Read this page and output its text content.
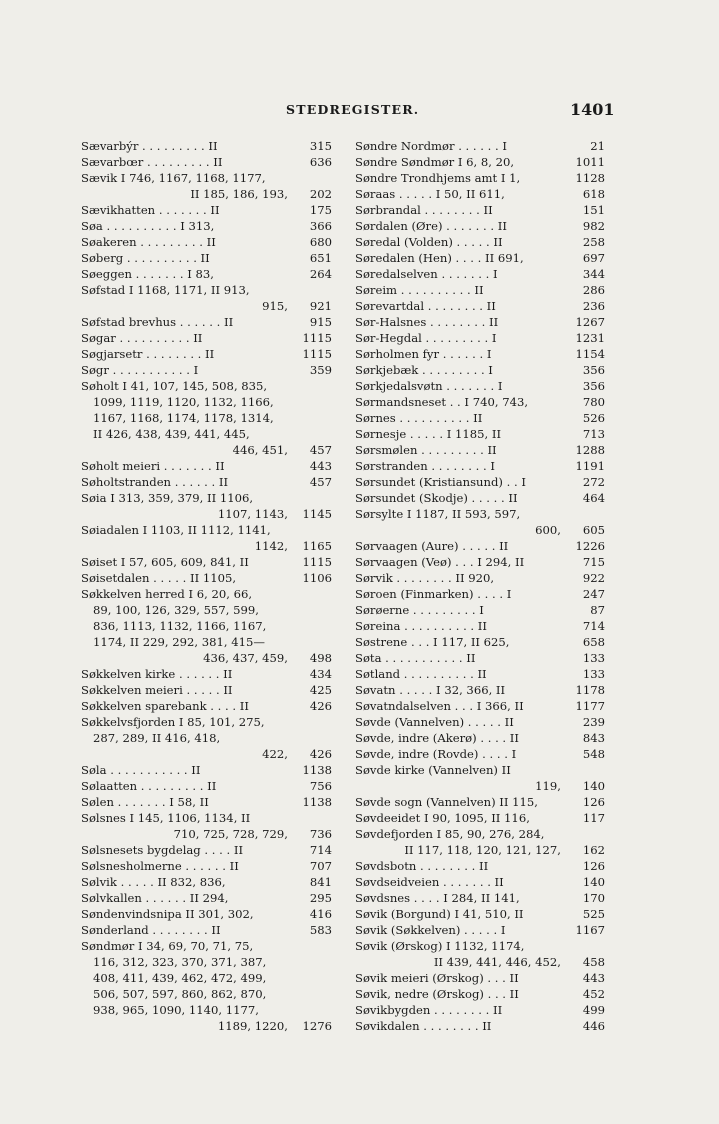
STEDREGISTER.	1401
Sævarbýr . . . . . . . . . II	315
Sævarbœr . . . . . . . . . II	636
Sævik I 746, 1167, 1168, 1177,
II 185, 186, 193,	202
Sævikhatten . . . . . . . II	175
Søa . . . . . . . . . . I 313,	366
Søakeren . . . . . . . . . II	680
Søberg . . . . . . . . . . II	651
Søeggen . . . . . . . I 83,	264
Søfstad I 1168, 1171, II 913,
915,	921
Søfstad brevhus . . . . . . II	915
Søgar . . . . . . . . . . II	1115
Søgjarsetr . . . . . . . . II	1115
Søgr . . . . . . . . . . . I	359
Søholt I 41, 107, 145, 508, 835,
1099, 1119, 1120, 1132, 1166,
1167, 1168, 1174, 1178, 1314,
II 426, 438, 439, 441, 445,
446, 451,	457
Søholt meieri . . . . . . . II	443
Søholtstranden . . . . . . II	457
Søia I 313, 359, 379, II 1106,
1107, 1143,	1145
Søiadalen I 1103, II 1112, 1141,
1142,	1165
Søiset I 57, 605, 609, 841, II	1115
Søisetdalen . . . . . II 1105,	1106
Søkkelven herred I 6, 20, 66,
89, 100, 126, 329, 557, 599,
836, 1113, 1132, 1166, 1167,
1174, II 229, 292, 381, 415—
436, 437, 459,	498
Søkkelven kirke . . . . . . II	434
Søkkelven meieri . . . . . II	425
Søkkelven sparebank . . . . II	426
Søkkelvsfjorden I 85, 101, 275,
287, 289, II 416, 418,
422,	426
Søla . . . . . . . . . . . II	1138
Sølaatten . . . . . . . . . II	756
Sølen . . . . . . . I 58, II	1138
Sølsnes I 145, 1106, 1134, II
710, 725, 728, 729,	736
Sølsnesets bygdelag . . . . II	714
Sølsnesholmerne . . . . . . II	707
Sølvik . . . . . II 832, 836,	841
Sølvkallen . . . . . . II 294,	295
Søndenvindsnipa II 301, 302,	416
Sønderland . . . . . . . . II	583
Søndmør I 34, 69, 70, 71, 75,
116, 312, 323, 370, 371, 387,
408, 411, 439, 462, 472, 499,
506, 507, 597, 860, 862, 870,
938, 965, 1090, 1140, 1177,
1189, 1220,	1276
Søndre Nordmør . . . . . . I	21
Søndre Søndmør I 6, 8, 20,	1011
Søndre Trondhjems amt I 1,	1128
Søraas . . . . . I 50, II 611,	618
Sørbrandal . . . . . . . . II	151
Sørdalen (Øre) . . . . . . . II	982
Søredal (Volden) . . . . . II	258
Søredalen (Hen) . . . . II 691,	697
Søredalselven . . . . . . . I	344
Søreim . . . . . . . . . . II	286
Sørevartdal . . . . . . . . II	236
Sør-Halsnes . . . . . . . . II	1267
Sør-Hegdal . . . . . . . . . I	1231
Sørholmen fyr . . . . . . I	1154
Sørkjebæk . . . . . . . . . I	356
Sørkjedalsvøtn . . . . . . . I	356
Sørmandsneset . . I 740, 743,	780
Sørnes . . . . . . . . . . II	526
Sørnesje . . . . . I 1185, II	713
Sørsmølen . . . . . . . . . II	1288
Sørstranden . . . . . . . . I	1191
Sørsundet (Kristiansund) . . I	272
Sørsundet (Skodje) . . . . . II	464
Sørsylte I 1187, II 593, 597,
600,	605
Sørvaagen (Aure) . . . . . II	1226
Sørvaagen (Veø) . . . I 294, II	715
Sørvik . . . . . . . . II 920,	922
Søroen (Finmarken) . . . . I	247
Sørøerne . . . . . . . . . I	87
Søreina . . . . . . . . . . II	714
Søstrene . . . I 117, II 625,	658
Søta . . . . . . . . . . . II	133
Søtland . . . . . . . . . . II	133
Søvatn . . . . . I 32, 366, II	1178
Søvatndalselven . . . I 366, II	1177
Søvde (Vannelven) . . . . . II	239
Søvde, indre (Akerø) . . . . II	843
Søvde, indre (Rovde) . . . . I	548
Søvde kirke (Vannelven) II
119,	140
Søvde sogn (Vannelven) II 115,	126
Søvdeeidet I 90, 1095, II 116,	117
Søvdefjorden I 85, 90, 276, 284,
II 117, 118, 120, 121, 127,	162
Søvdsbotn . . . . . . . . II	126
Søvdseidveien . . . . . . . II	140
Søvdsnes . . . . I 284, II 141,	170
Søvik (Borgund) I 41, 510, II	525
Søvik (Søkkelven) . . . . . I	1167
Søvik (Ørskog) I 1132, 1174,
II 439, 441, 446, 452,	458
Søvik meieri (Ørskog) . . . II	443
Søvik, nedre (Ørskog) . . . II	452
Søvikbygden . . . . . . . . II	499
Søvikdalen . . . . . . . . II	446
